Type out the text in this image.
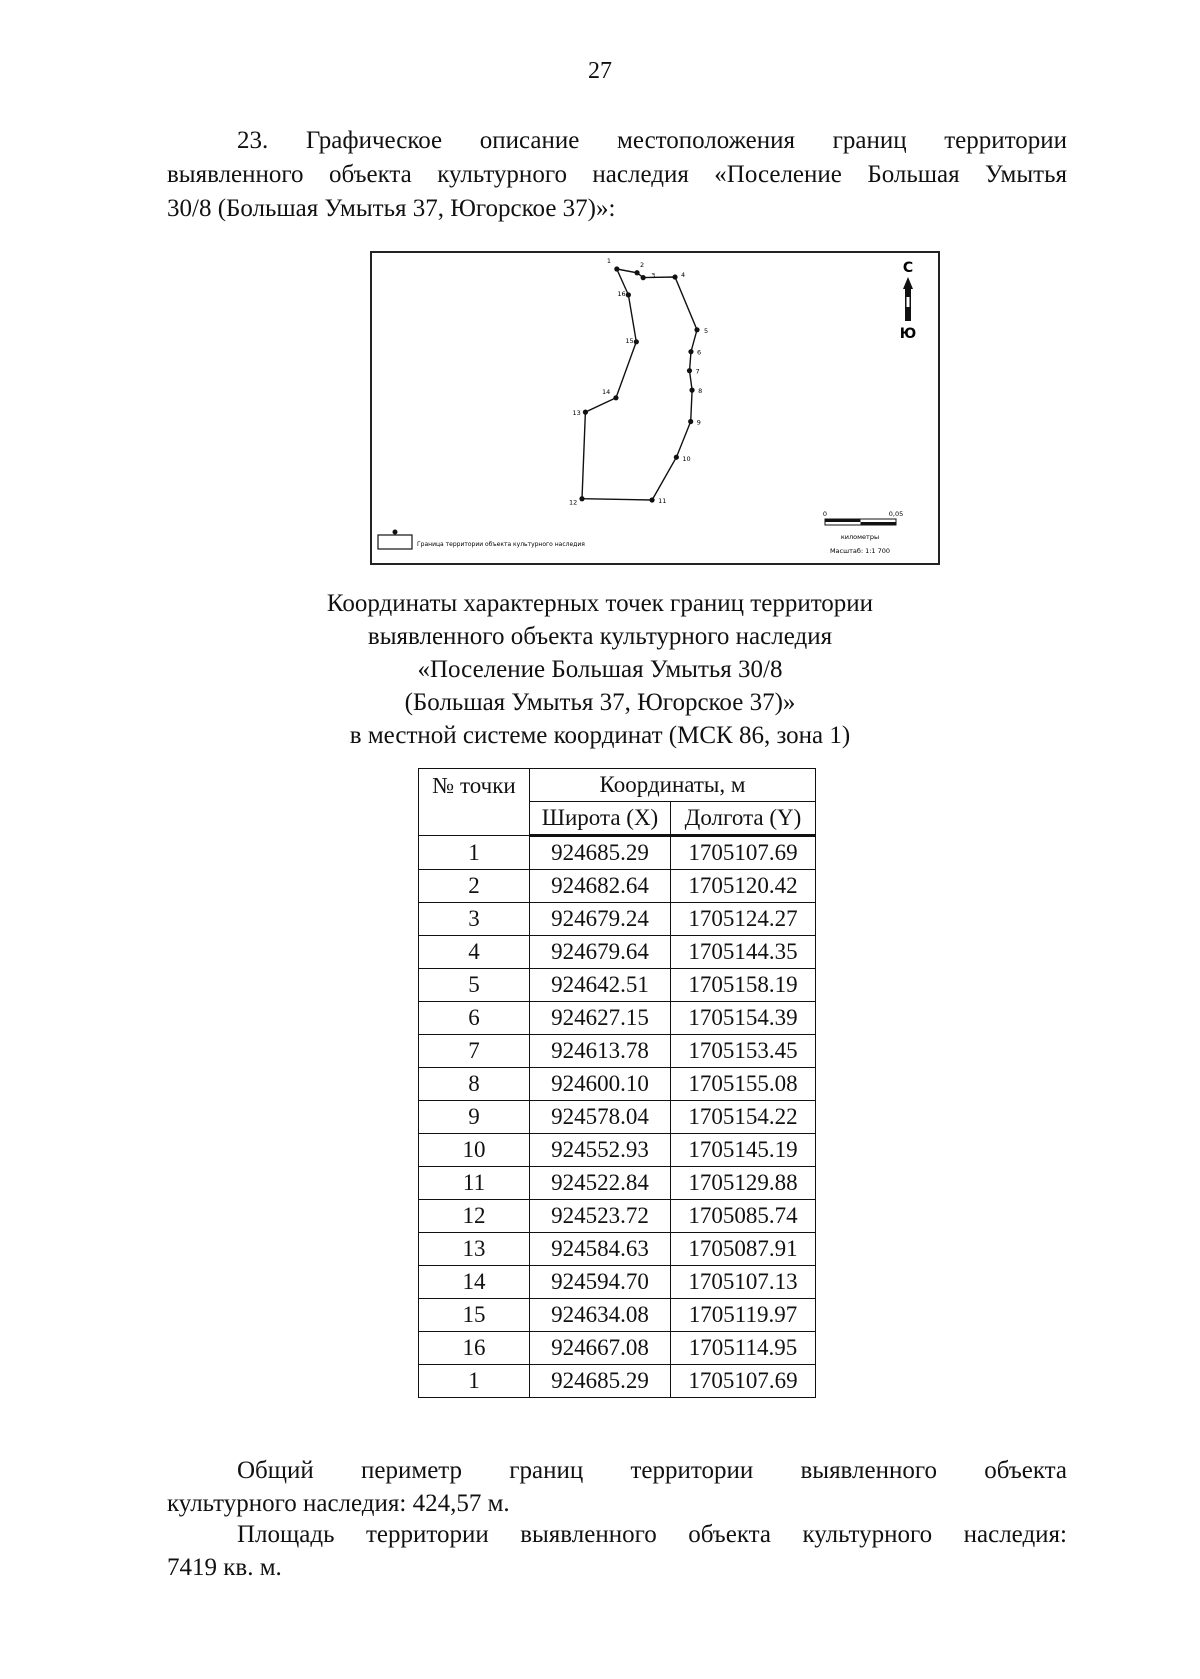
27
23. Графическое описание местоположения границ территории
выявленного объекта культурного наследия «Поселение Большая Умытья
30/8 (Большая Умытья 37, Югорское 37)»:
1	2
3	4
5
6
7
8
9
10
11
12
13
14
15
16
С
Ю
Граница территории объекта культурного наследия
0	0,05
километры
Масштаб: 1:1 700
Координаты характерных точек границ территории
выявленного объекта культурного наследия
«Поселение Большая Умытья 30/8
(Большая Умытья 37, Югорское 37)»
в местной системе координат (МСК 86, зона 1)
№ точки	Координаты, м	
	Широта (X)	Долгота (Y)
1	924685.29	1705107.69
2	924682.64	1705120.42
3	924679.24	1705124.27
4	924679.64	1705144.35
5	924642.51	1705158.19
6	924627.15	1705154.39
7	924613.78	1705153.45
8	924600.10	1705155.08
9	924578.04	1705154.22
10	924552.93	1705145.19
11	924522.84	1705129.88
12	924523.72	1705085.74
13	924584.63	1705087.91
14	924594.70	1705107.13
15	924634.08	1705119.97
16	924667.08	1705114.95
1	924685.29	1705107.69
Общий периметр границ территории выявленного объекта
культурного наследия: 424,57 м.
Площадь территории выявленного объекта культурного наследия:
7419 кв. м.
